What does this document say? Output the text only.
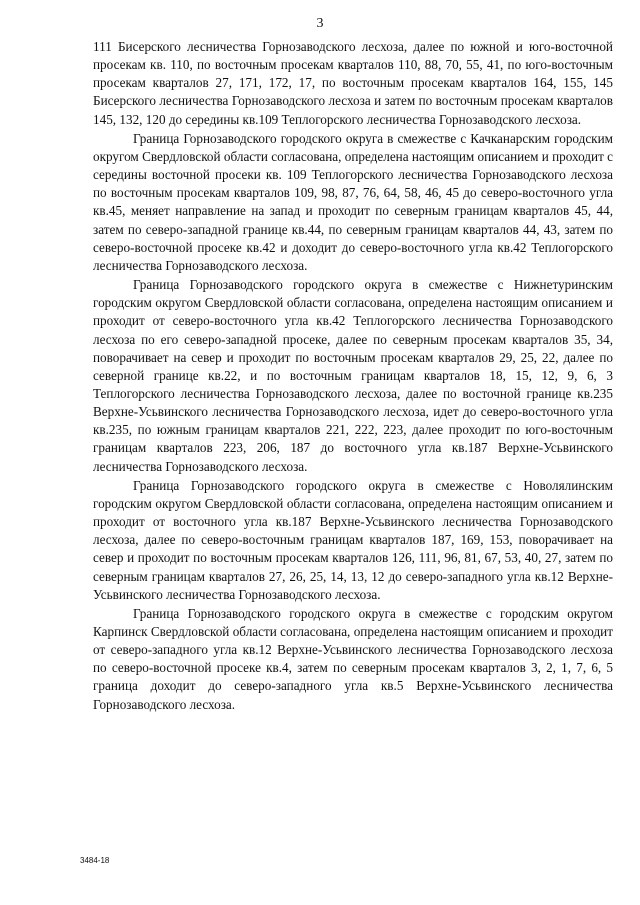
3

111 Бисерского лесничества Горнозаводского лесхоза, далее по южной и юго-восточной просекам кв. 110, по восточным просекам кварталов 110, 88, 70, 55, 41, по юго-восточным просекам кварталов 27, 171, 172, 17, по восточным просекам кварталов 164, 155, 145 Бисерского лесничества Горнозаводского лесхоза и затем по восточным просекам кварталов 145, 132, 120 до середины кв.109 Теплогорского лесничества Горнозаводского лесхоза.

Граница Горнозаводского городского округа в смежестве с Качканарским городским округом Свердловской области согласована, определена настоящим описанием и проходит с середины восточной просеки кв. 109 Теплогорского лесничества Горнозаводского лесхоза по восточным просекам кварталов 109, 98, 87, 76, 64, 58, 46, 45 до северо-восточного угла кв.45, меняет направление на запад и проходит по северным границам кварталов 45, 44, затем по северо-западной границе кв.44, по северным границам кварталов 44, 43, затем по северо-восточной просеке кв.42 и доходит до северо-восточного угла кв.42 Теплогорского лесничества Горнозаводского лесхоза.

Граница Горнозаводского городского округа в смежестве с Нижнетуринским городским округом Свердловской области согласована, определена настоящим описанием и проходит от северо-восточного угла кв.42 Теплогорского лесничества Горнозаводского лесхоза по его северо-западной просеке, далее по северным просекам кварталов 35, 34, поворачивает на север и проходит по восточным просекам кварталов 29, 25, 22, далее по северной границе кв.22, и по восточным границам кварталов 18, 15, 12, 9, 6, 3 Теплогорского лесничества Горнозаводского лесхоза, далее по восточной границе кв.235 Верхне-Усьвинского лесничества Горнозаводского лесхоза, идет до северо-восточного угла кв.235, по южным границам кварталов 221, 222, 223, далее проходит по юго-восточным границам кварталов 223, 206, 187 до восточного угла кв.187 Верхне-Усьвинского лесничества Горнозаводского лесхоза.

Граница Горнозаводского городского округа в смежестве с Новолялинским городским округом Свердловской области согласована, определена настоящим описанием и проходит от восточного угла кв.187 Верхне-Усьвинского лесничества Горнозаводского лесхоза, далее по северо-восточным границам кварталов 187, 169, 153, поворачивает на север и проходит по восточным просекам кварталов 126, 111, 96, 81, 67, 53, 40, 27, затем по северным границам кварталов 27, 26, 25, 14, 13, 12 до северо-западного угла кв.12 Верхне-Усьвинского лесничества Горнозаводского лесхоза.

Граница Горнозаводского городского округа в смежестве с городским округом Карпинск Свердловской области согласована, определена настоящим описанием и проходит от северо-западного угла кв.12 Верхне-Усьвинского лесничества Горнозаводского лесхоза по северо-восточной просеке кв.4, затем по северным просекам кварталов 3, 2, 1, 7, 6, 5 граница доходит до северо-западного угла кв.5 Верхне-Усьвинского лесничества Горнозаводского лесхоза.

3484-18
